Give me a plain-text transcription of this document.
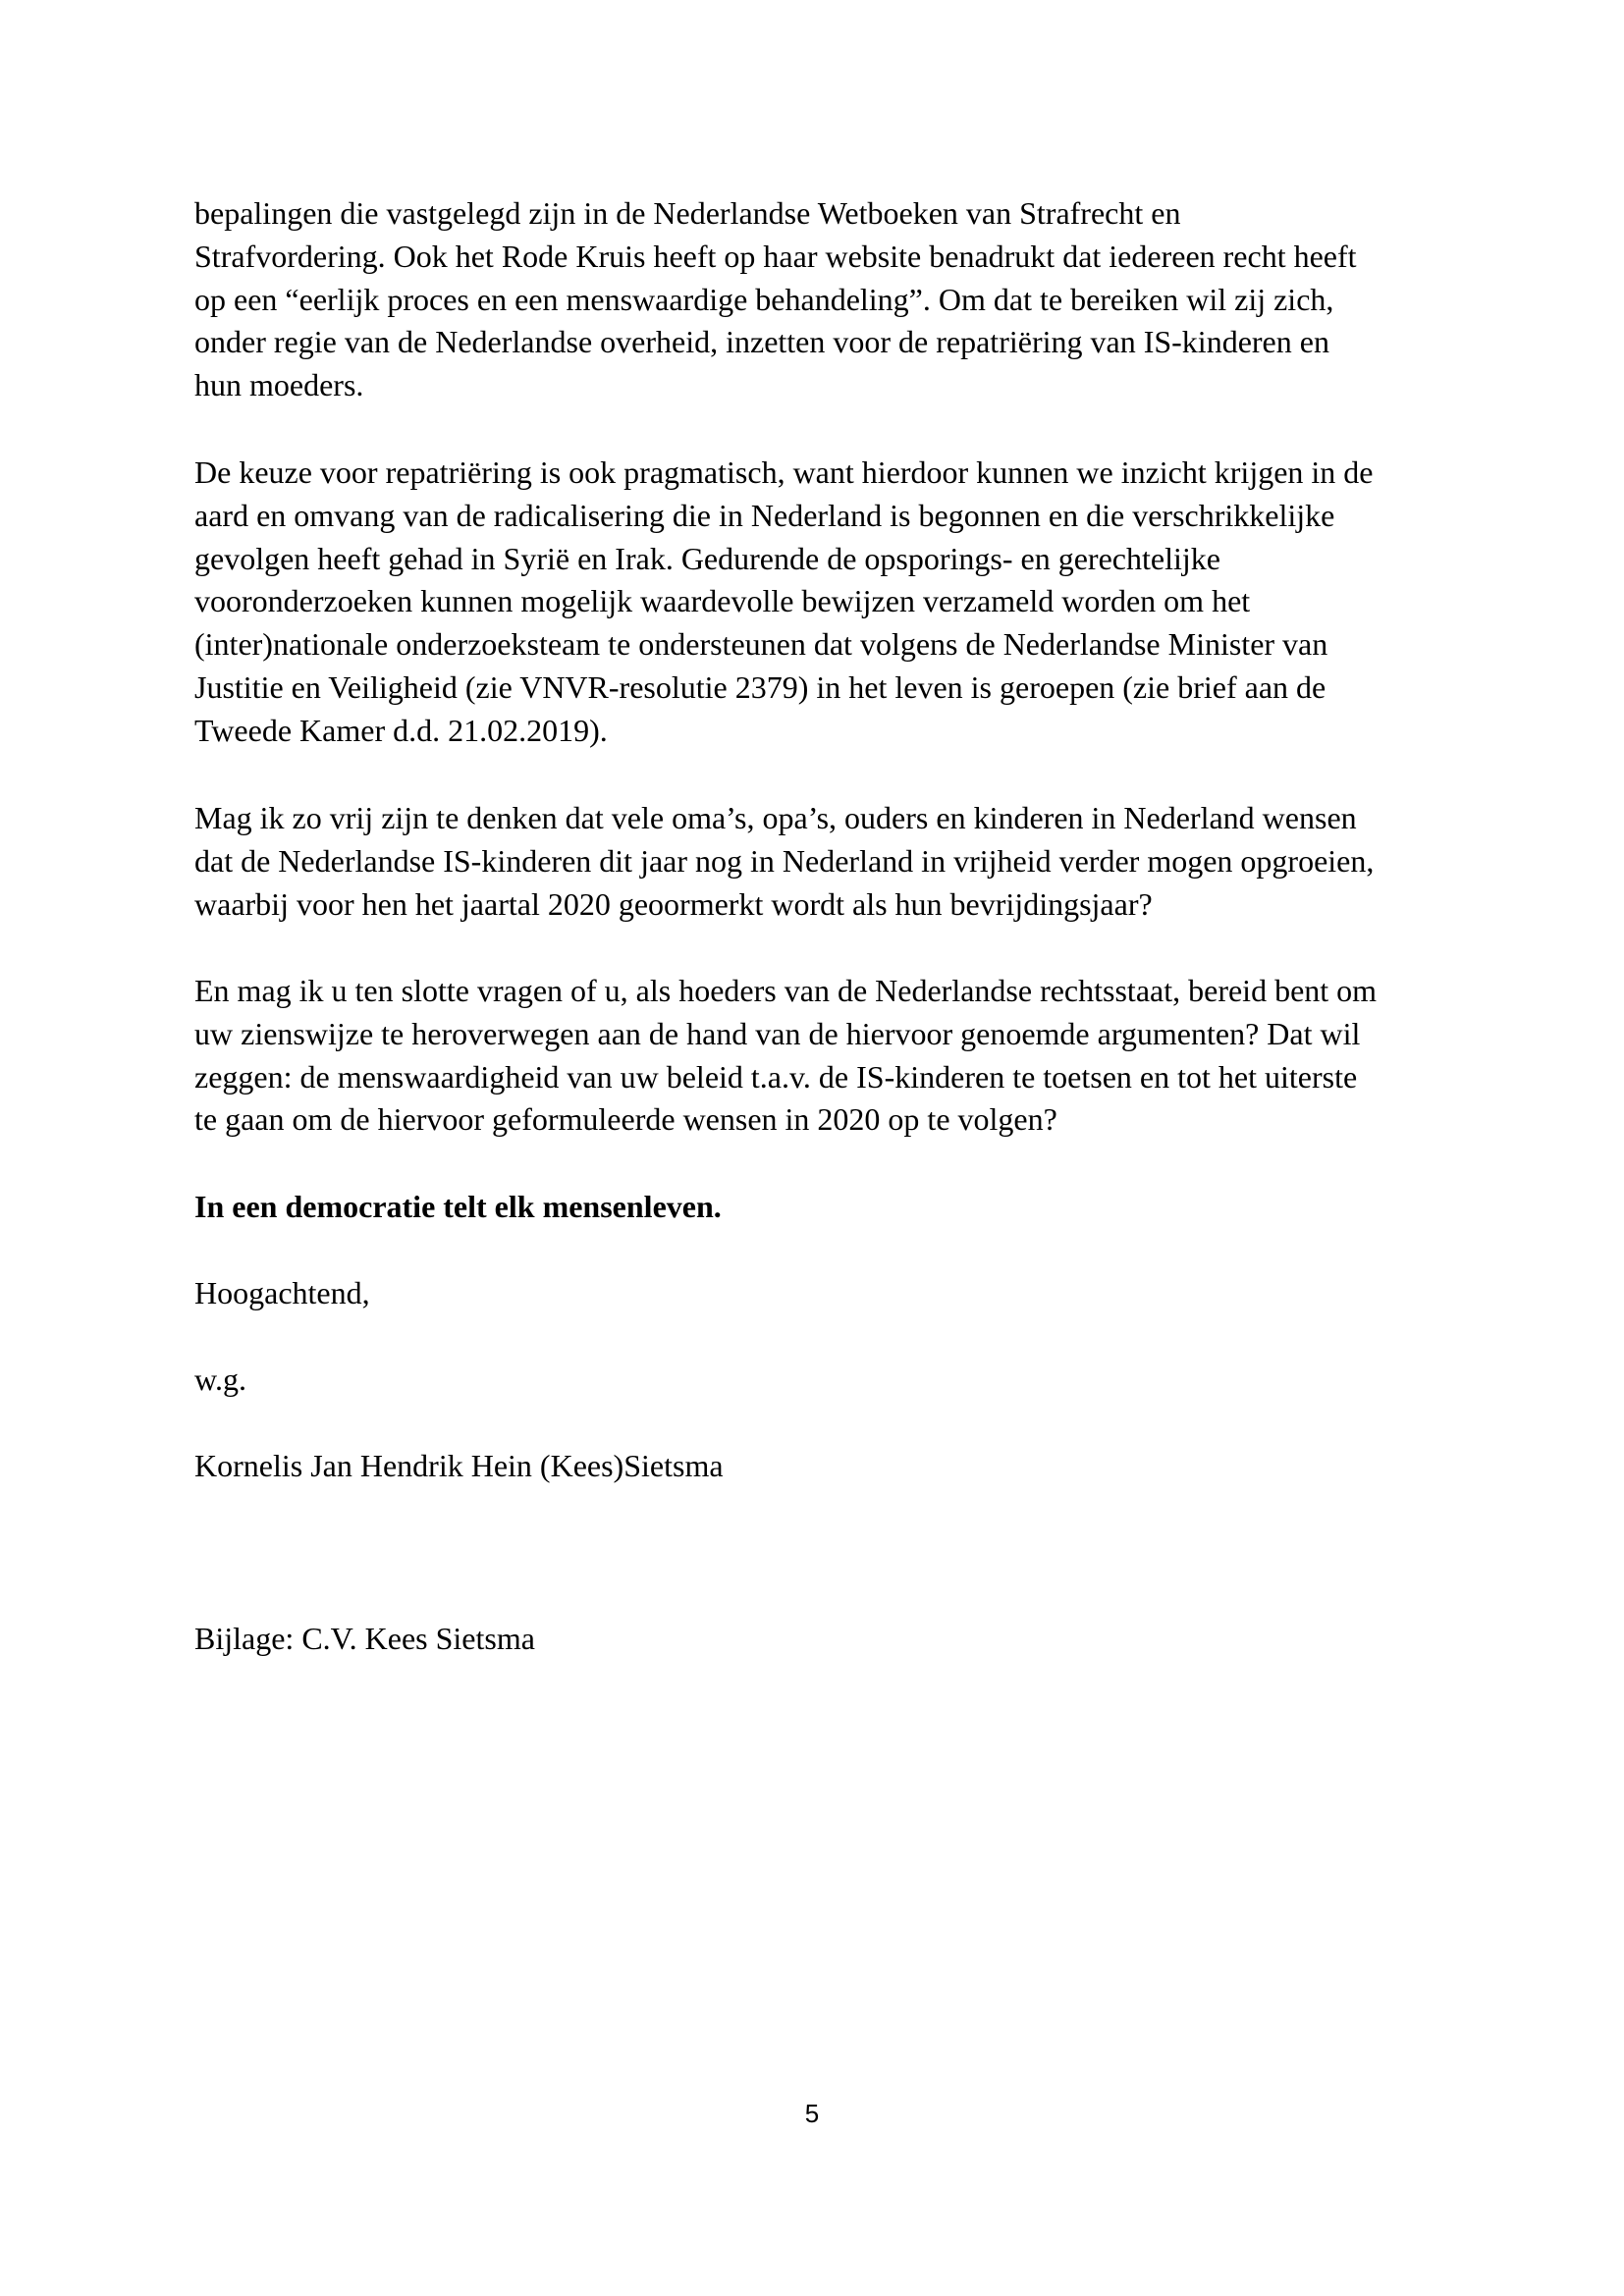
bepalingen die vastgelegd zijn in de Nederlandse Wetboeken van Strafrecht en
Strafvordering. Ook het Rode Kruis heeft op haar website benadrukt dat iedereen recht heeft
op een “eerlijk proces en een menswaardige behandeling”. Om dat te bereiken wil zij zich,
onder regie van de Nederlandse overheid, inzetten voor de repatriëring van IS-kinderen en
hun moeders.

De keuze voor repatriëring is ook pragmatisch, want hierdoor kunnen we inzicht krijgen in de
aard en omvang van de radicalisering die in Nederland is begonnen en die verschrikkelijke
gevolgen heeft gehad in Syrië en Irak. Gedurende de opsporings- en gerechtelijke
vooronderzoeken kunnen mogelijk waardevolle bewijzen verzameld worden om het
(inter)nationale onderzoeksteam te ondersteunen dat volgens de Nederlandse Minister van
Justitie en Veiligheid (zie VNVR-resolutie 2379) in het leven is geroepen (zie brief aan de
Tweede Kamer d.d. 21.02.2019).

Mag ik zo vrij zijn te denken dat vele oma’s, opa’s, ouders en kinderen in Nederland wensen
dat de Nederlandse IS-kinderen dit jaar nog in Nederland in vrijheid verder mogen opgroeien,
waarbij voor hen het jaartal 2020 geoormerkt wordt als hun bevrijdingsjaar?

En mag ik u ten slotte vragen of u, als hoeders van de Nederlandse rechtsstaat, bereid bent om
uw zienswijze te heroverwegen aan de hand van de hiervoor genoemde argumenten? Dat wil
zeggen: de menswaardigheid van uw beleid t.a.v. de IS-kinderen te toetsen en tot het uiterste
te gaan om de hiervoor geformuleerde wensen in 2020 op te volgen?

In een democratie telt elk mensenleven.

Hoogachtend,

w.g.

Kornelis Jan Hendrik Hein (Kees)Sietsma

Bijlage: C.V. Kees Sietsma

5
